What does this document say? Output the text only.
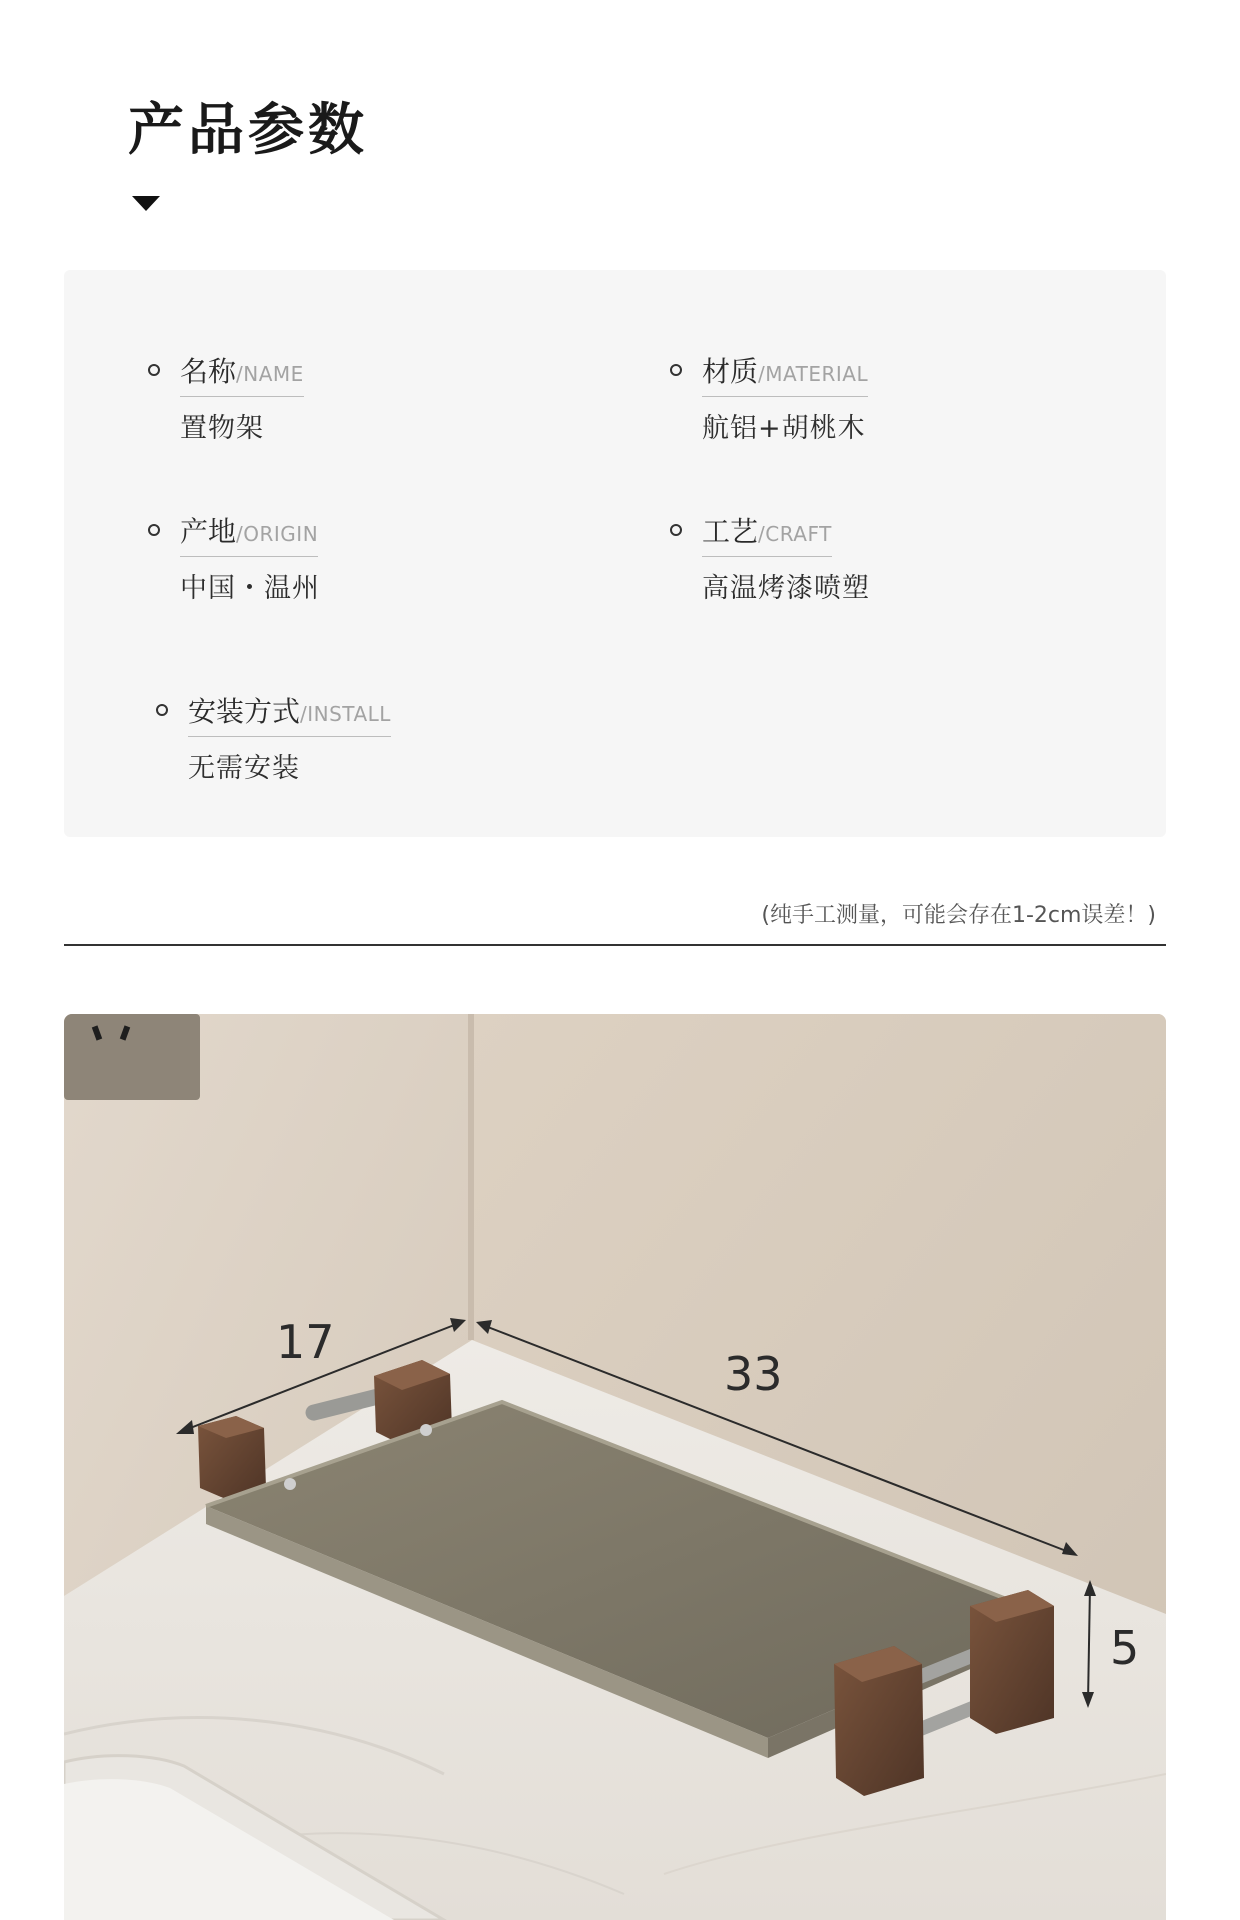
产品参数
名称/NAME
置物架
材质/MATERIAL
航铝+胡桃木
产地/ORIGIN
中国・温州
工艺/CRAFT
高温烤漆喷塑
安装方式/INSTALL
无需安装
(纯手工测量，可能会存在1-2cm误差！)
17
33
5
